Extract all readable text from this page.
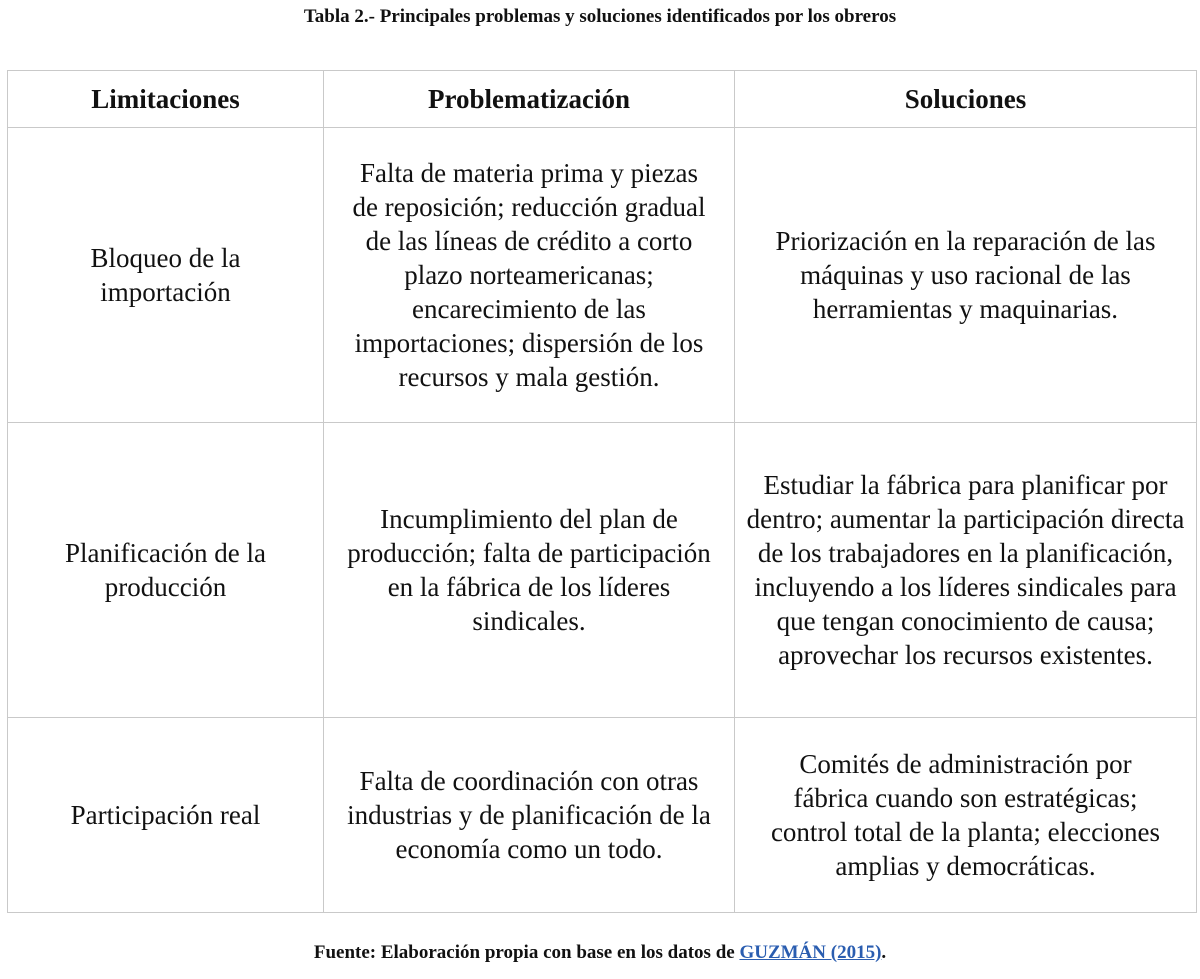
Tabla 2.- Principales problemas y soluciones identificados por los obreros
Limitaciones	Problematización	Soluciones

Bloqueo de la importación	Falta de materia prima y piezas de reposición; reducción gradual de las líneas de crédito a corto plazo norteamericanas; encarecimiento de las importaciones; dispersión de los recursos y mala gestión.	Priorización en la reparación de las máquinas y uso racional de las herramientas y maquinarias.

Planificación de la producción	Incumplimiento del plan de producción; falta de participación en la fábrica de los líderes sindicales.	Estudiar la fábrica para planificar por dentro; aumentar la participación directa de los trabajadores en la planificación, incluyendo a los líderes sindicales para que tengan conocimiento de causa; aprovechar los recursos existentes.

Participación real	Falta de coordinación con otras industrias y de planificación de la economía como un todo.	Comités de administración por fábrica cuando son estratégicas; control total de la planta; elecciones amplias y democráticas.
Fuente: Elaboración propia con base en los datos de GUZMÁN (2015).
